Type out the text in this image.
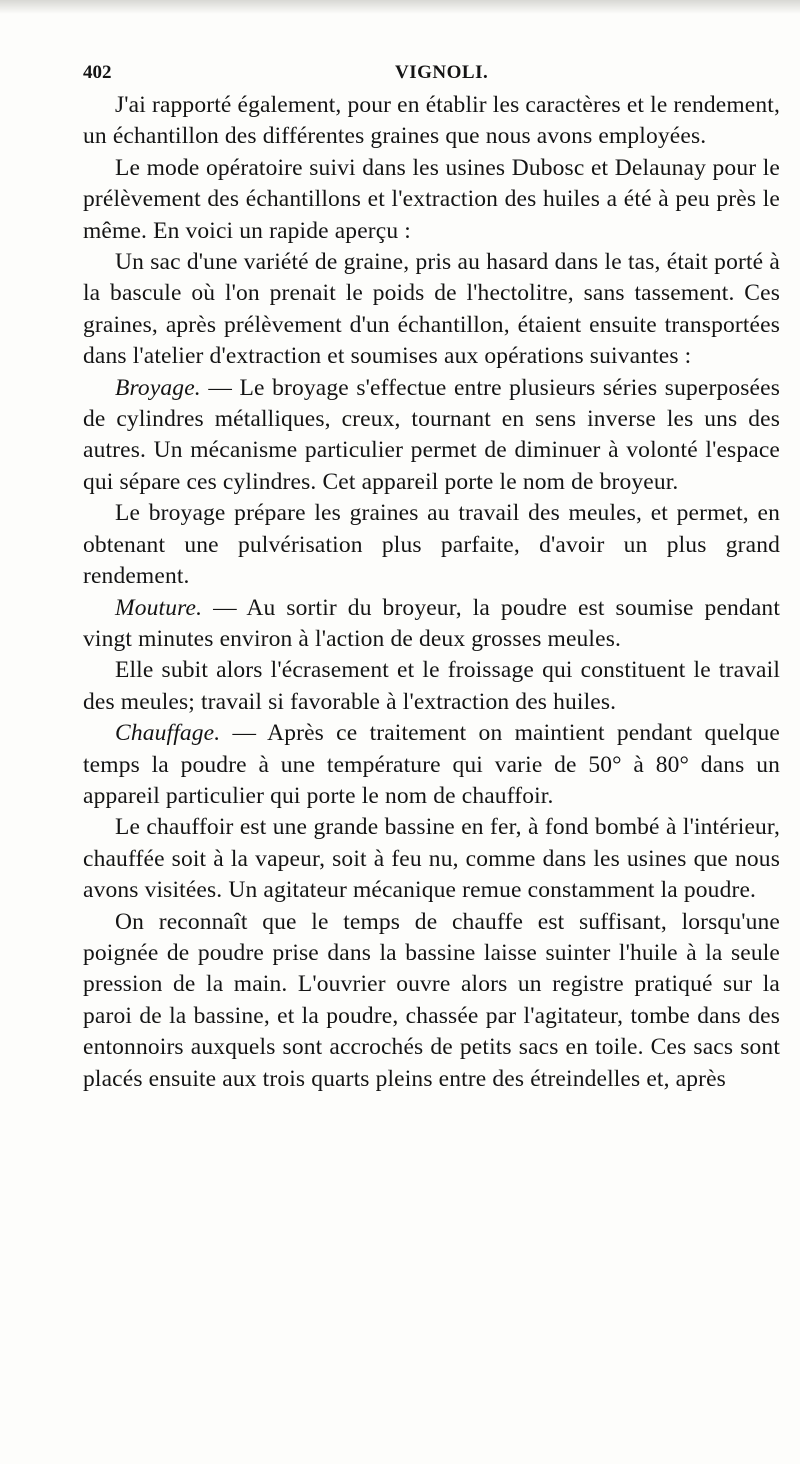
402	VIGNOLI.

J'ai rapporté également, pour en établir les caractères et le rendement, un échantillon des différentes graines que nous avons employées.

Le mode opératoire suivi dans les usines Dubosc et Delaunay pour le prélèvement des échantillons et l'extraction des huiles a été à peu près le même. En voici un rapide aperçu :

Un sac d'une variété de graine, pris au hasard dans le tas, était porté à la bascule où l'on prenait le poids de l'hectolitre, sans tassement. Ces graines, après prélèvement d'un échantillon, étaient ensuite transportées dans l'atelier d'extraction et soumises aux opérations suivantes :

Broyage. — Le broyage s'effectue entre plusieurs séries superposées de cylindres métalliques, creux, tournant en sens inverse les uns des autres. Un mécanisme particulier permet de diminuer à volonté l'espace qui sépare ces cylindres. Cet appareil porte le nom de broyeur.

Le broyage prépare les graines au travail des meules, et permet, en obtenant une pulvérisation plus parfaite, d'avoir un plus grand rendement.

Mouture. — Au sortir du broyeur, la poudre est soumise pendant vingt minutes environ à l'action de deux grosses meules.

Elle subit alors l'écrasement et le froissage qui constituent le travail des meules; travail si favorable à l'extraction des huiles.

Chauffage. — Après ce traitement on maintient pendant quelque temps la poudre à une température qui varie de 50° à 80° dans un appareil particulier qui porte le nom de chauffoir.

Le chauffoir est une grande bassine en fer, à fond bombé à l'intérieur, chauffée soit à la vapeur, soit à feu nu, comme dans les usines que nous avons visitées. Un agitateur mécanique remue constamment la poudre.

On reconnaît que le temps de chauffe est suffisant, lorsqu'une poignée de poudre prise dans la bassine laisse suinter l'huile à la seule pression de la main. L'ouvrier ouvre alors un registre pratiqué sur la paroi de la bassine, et la poudre, chassée par l'agitateur, tombe dans des entonnoirs auxquels sont accrochés de petits sacs en toile. Ces sacs sont placés ensuite aux trois quarts pleins entre des étreindelles et, après
